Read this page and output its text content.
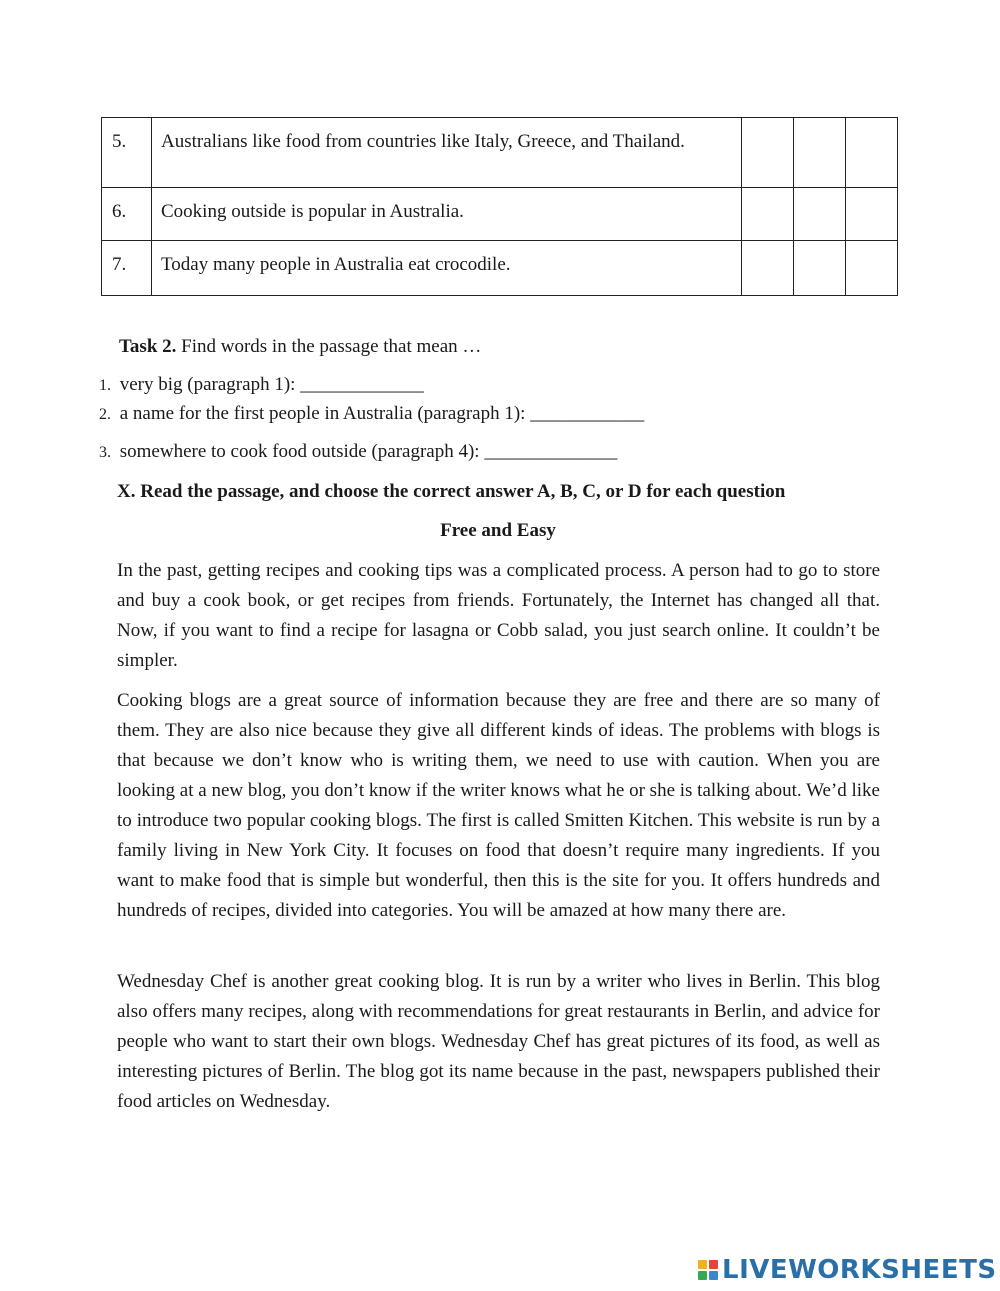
5.	Australians like food from countries like Italy, Greece, and Thailand.			
6.	Cooking outside is popular in Australia.			
7.	Today many people in Australia eat crocodile.			
Task 2. Find words in the passage that mean …
1. very big (paragraph 1): _____________
2. a name for the first people in Australia (paragraph 1): ____________
3. somewhere to cook food outside (paragraph 4): ______________
X. Read the passage, and choose the correct answer A, B, C, or D for each question
Free and Easy

In the past, getting recipes and cooking tips was a complicated process. A person had to go to store and buy a cook book, or get recipes from friends. Fortunately, the Internet has changed all that. Now, if you want to find a recipe for lasagna or Cobb salad, you just search online. It couldn’t be simpler.

Cooking blogs are a great source of information because they are free and there are so many of them. They are also nice because they give all different kinds of ideas. The problems with blogs is that because we don’t know who is writing them, we need to use with caution. When you are looking at a new blog, you don’t know if the writer knows what he or she is talking about. We’d like to introduce two popular cooking blogs. The first is called Smitten Kitchen. This website is run by a family living in New York City. It focuses on food that doesn’t require many ingredients. If you want to make food that is simple but wonderful, then this is the site for you. It offers hundreds and hundreds of recipes, divided into categories. You will be amazed at how many there are.

Wednesday Chef is another great cooking blog. It is run by a writer who lives in Berlin. This blog also offers many recipes, along with recommendations for great restaurants in Berlin, and advice for people who want to start their own blogs. Wednesday Chef has great pictures of its food, as well as interesting pictures of Berlin. The blog got its name because in the past, newspapers published their food articles on Wednesday.

LIVEWORKSHEETS
